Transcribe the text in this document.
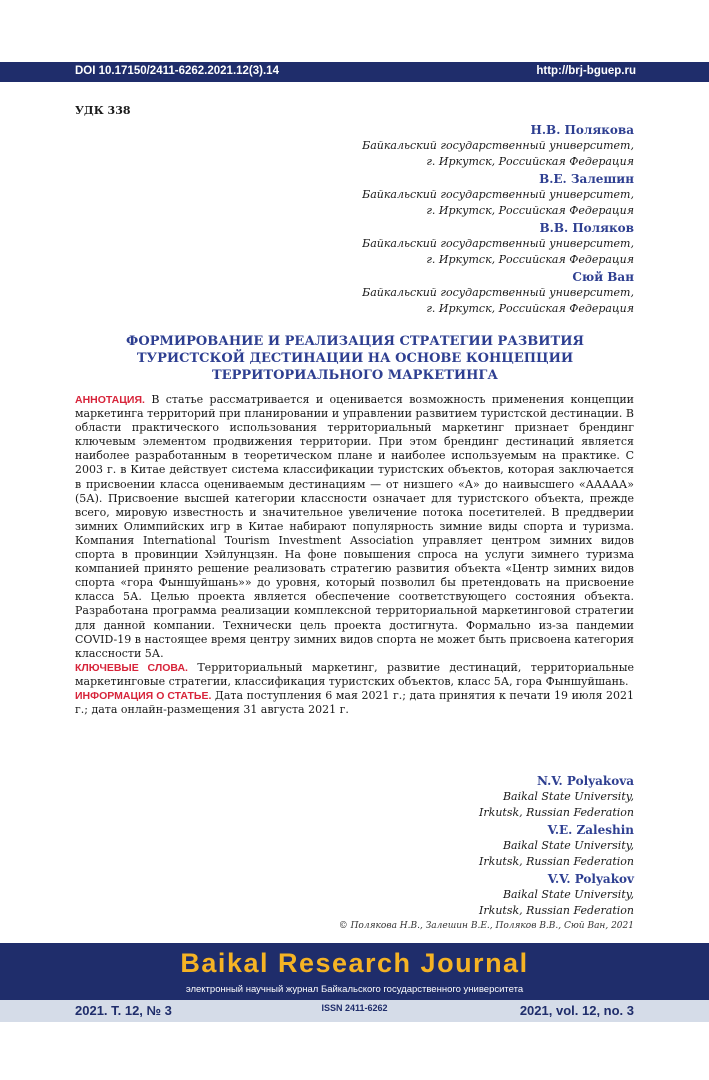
DOI 10.17150/2411-6262.2021.12(3).14	http://brj-bguep.ru
УДК 338
Н.В. Полякова
Байкальский государственный университет,
г. Иркутск, Российская Федерация
В.Е. Залешин
Байкальский государственный университет,
г. Иркутск, Российская Федерация
В.В. Поляков
Байкальский государственный университет,
г. Иркутск, Российская Федерация
Сюй Ван
Байкальский государственный университет,
г. Иркутск, Российская Федерация
ФОРМИРОВАНИЕ И РЕАЛИЗАЦИЯ СТРАТЕГИИ РАЗВИТИЯ
ТУРИСТСКОЙ ДЕСТИНАЦИИ НА ОСНОВЕ КОНЦЕПЦИИ
ТЕРРИТОРИАЛЬНОГО МАРКЕТИНГА

АННОТАЦИЯ. В статье рассматривается и оценивается возможность применения концепции маркетинга территорий при планировании и управлении развитием туристской дестинации. В области практического использования территориальный маркетинг признает брендинг ключевым элементом продвижения территории. При этом брендинг дестинаций является наиболее разработанным в теоретическом плане и наиболее используемым на практике. С 2003 г. в Китае действует система классификации туристских объектов, которая заключается в присвоении класса оцениваемым дестинациям — от низшего «А» до наивысшего «ААААА» (5А). Присвоение высшей категории классности означает для туристского объекта, прежде всего, мировую известность и значительное увеличение потока посетителей. В преддверии зимних Олимпийских игр в Китае набирают популярность зимние виды спорта и туризма. Компания International Tourism Investment Association управляет центром зимних видов спорта в провинции Хэйлунцзян. На фоне повышения спроса на услуги зимнего туризма компанией принято решение реализовать стратегию развития объекта «Центр зимних видов спорта «гора Фыншуйшань»» до уровня, который позволил бы претендовать на присвоение класса 5А. Целью проекта является обеспечение соответствующего состояния объекта. Разработана программа реализации комплексной территориальной маркетинговой стратегии для данной компании. Технически цель проекта достигнута. Формально из-за пандемии COVID-19 в настоящее время центру зимних видов спорта не может быть присвоена категория классности 5А.

КЛЮЧЕВЫЕ СЛОВА. Территориальный маркетинг, развитие дестинаций, территориальные маркетинговые стратегии, классификация туристских объектов, класс 5А, гора Фыншуйшань.

ИНФОРМАЦИЯ О СТАТЬЕ. Дата поступления 6 мая 2021 г.; дата принятия к печати 19 июля 2021 г.; дата онлайн-размещения 31 августа 2021 г.

N.V. Polyakova
Baikal State University,
Irkutsk, Russian Federation
V.E. Zaleshin
Baikal State University,
Irkutsk, Russian Federation
V.V. Polyakov
Baikal State University,
Irkutsk, Russian Federation
© Полякова Н.В., Залешин В.Е., Поляков В.В., Сюй Ван, 2021
Baikal Research Journal
электронный научный журнал Байкальского государственного университета
2021. Т. 12, № 3	ISSN 2411-6262	2021, vol. 12, no. 3
